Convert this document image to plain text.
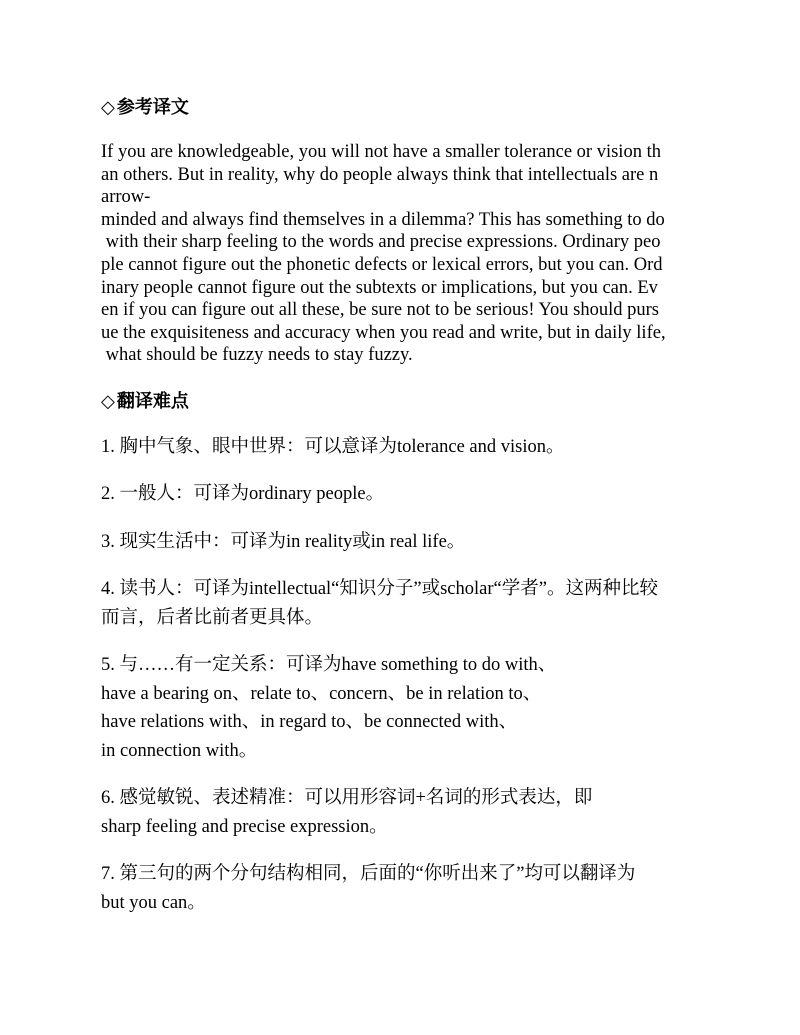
◇ 参考译文

If you are knowledgeable, you will not have a smaller tolerance or vision th
an others. But in reality, why do people always think that intellectuals are n
arrow-
minded and always find themselves in a dilemma? This has something to do
with their sharp feeling to the words and precise expressions. Ordinary peo
ple cannot figure out the phonetic defects or lexical errors, but you can. Ord
inary people cannot figure out the subtexts or implications, but you can. Ev
en if you can figure out all these, be sure not to be serious! You should purs
ue the exquisiteness and accuracy when you read and write, but in daily life,
what should be fuzzy needs to stay fuzzy.

◇ 翻译难点
1. 胸中气象、眼中世界：可以意译为tolerance and vision。
2. 一般人：可译为ordinary people。
3. 现实生活中：可译为in reality或in real life。
4. 读书人：可译为intellectual“知识分子”或scholar“学者”。这两种比较
而言，后者比前者更具体。
5. 与……有一定关系：可译为have something to do with、
have a bearing on、relate to、concern、be in relation to、
have relations with、in regard to、be connected with、
in connection with。
6. 感觉敏锐、表述精准：可以用形容词+名词的形式表达，即
sharp feeling and precise expression。
7. 第三句的两个分句结构相同，后面的“你听出来了”均可以翻译为
but you can。
